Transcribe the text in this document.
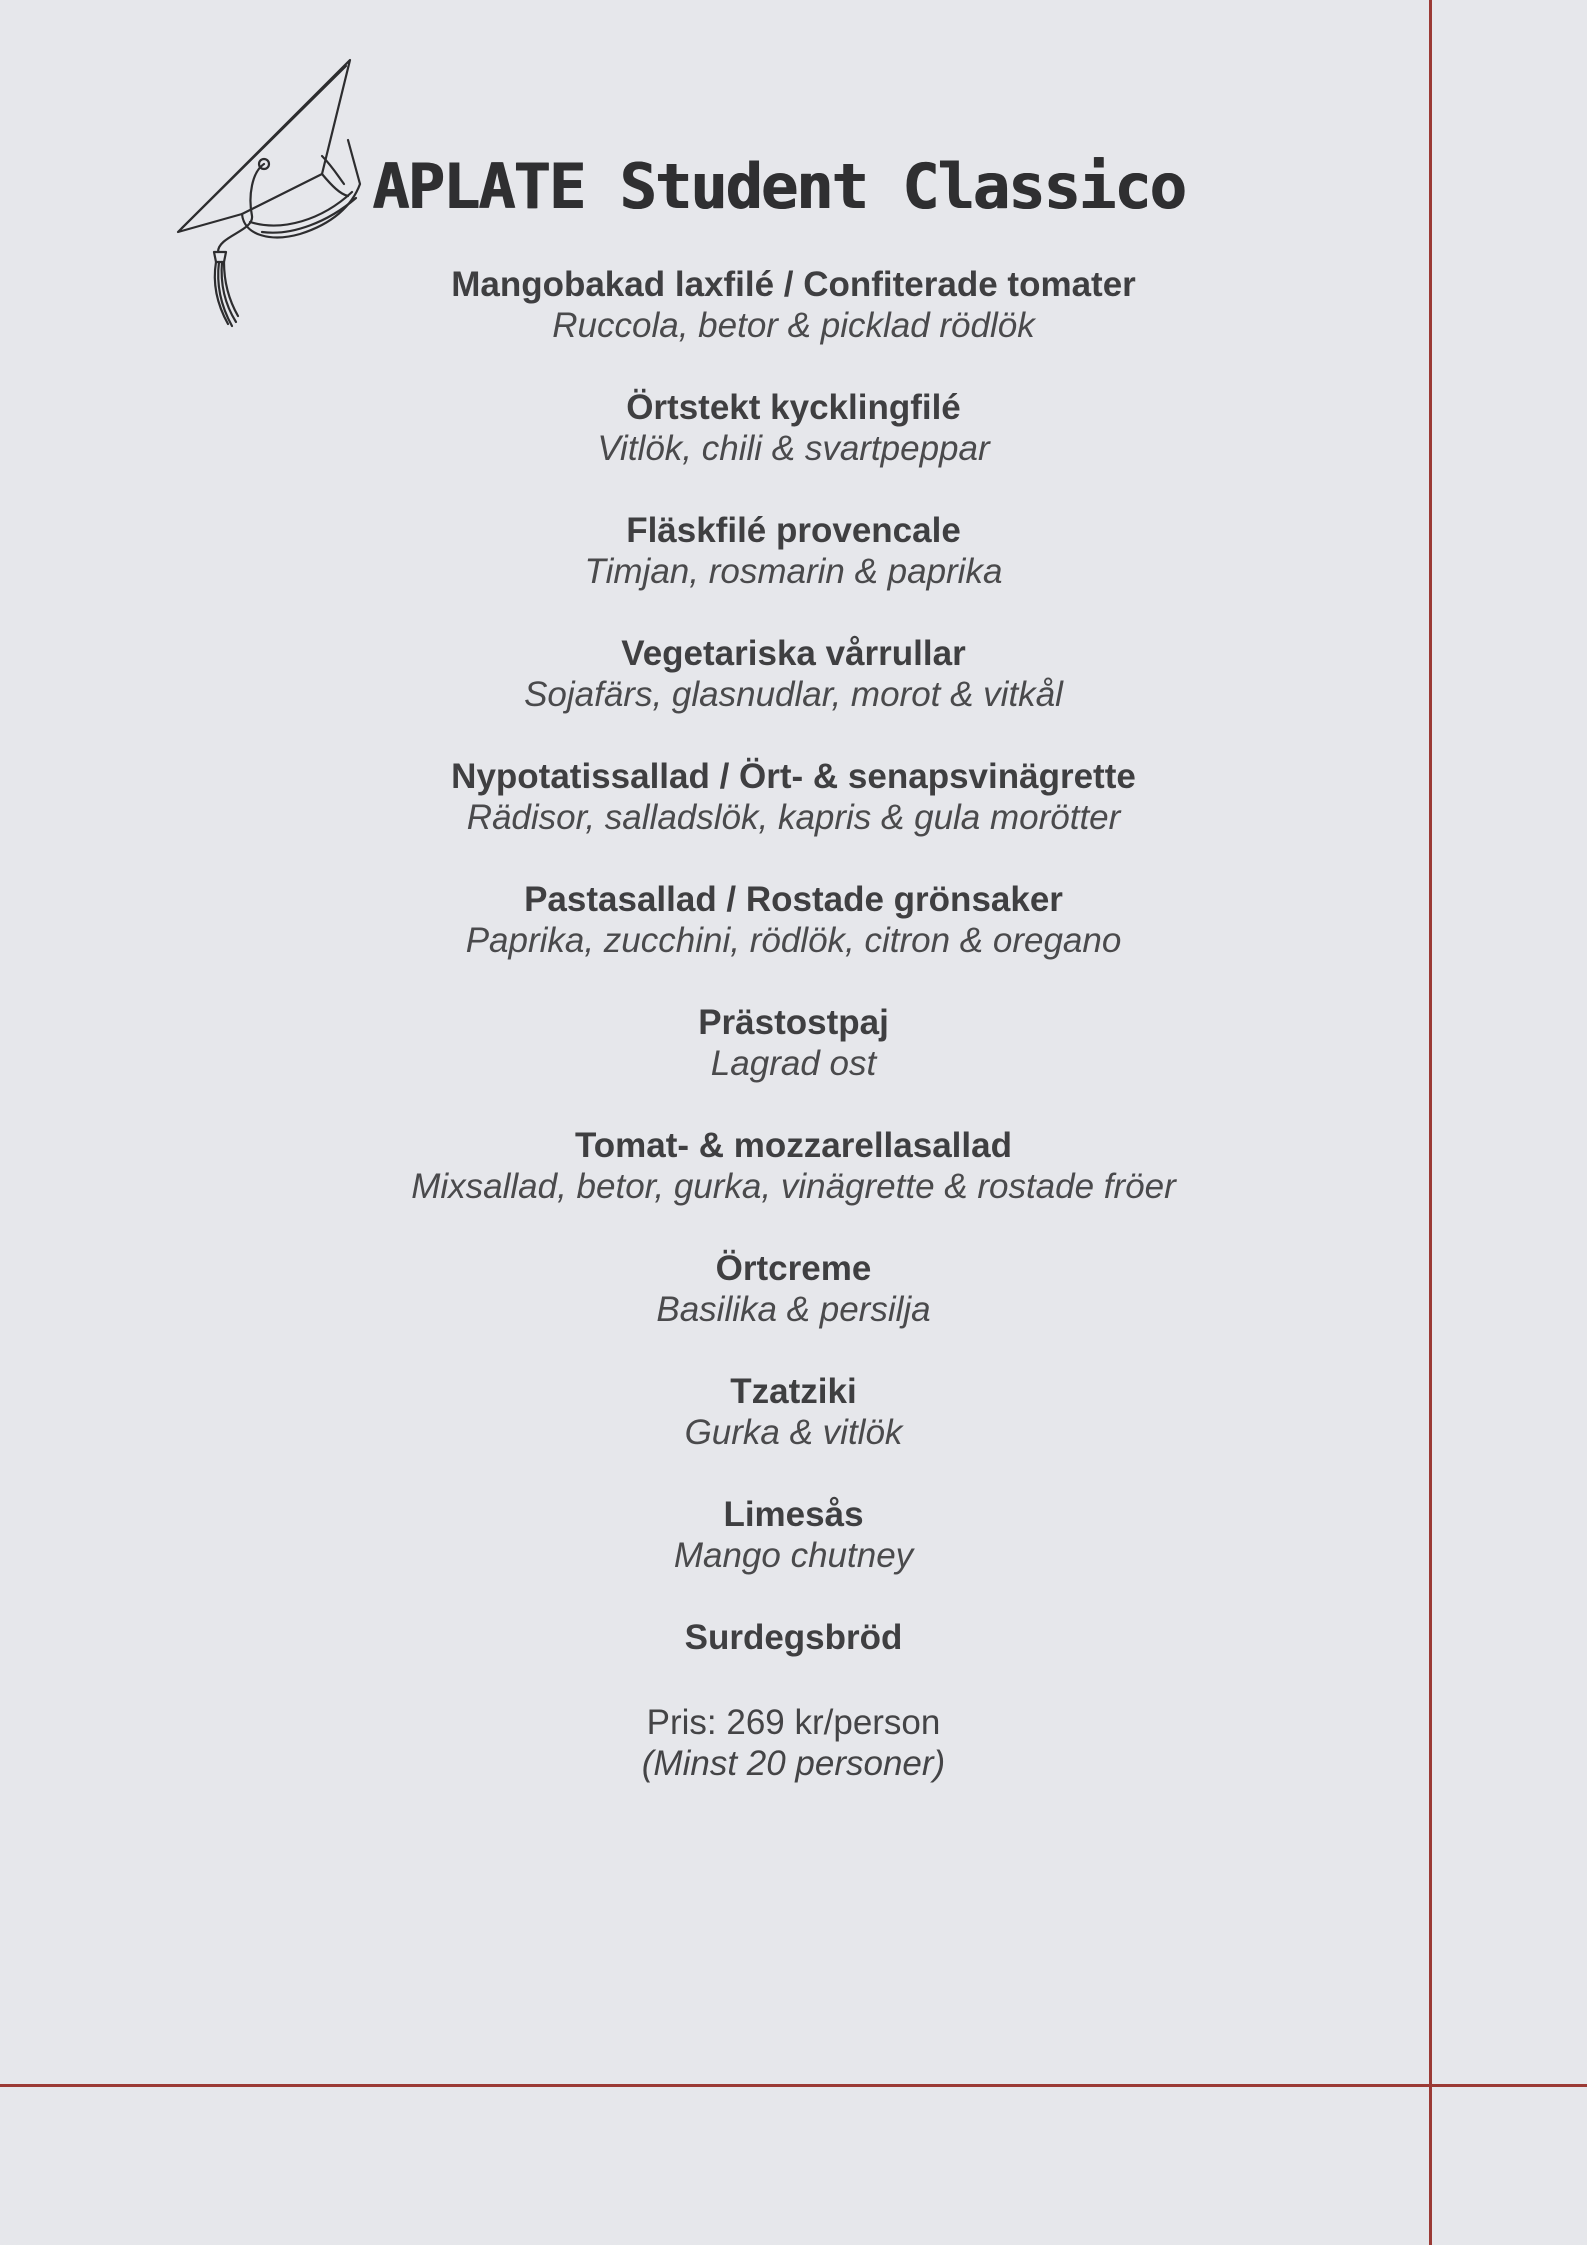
APLATE Student Classico
Mangobakad laxfilé / Confiterade tomater
Ruccola, betor & picklad rödlök
Örtstekt kycklingfilé
Vitlök, chili & svartpeppar
Fläskfilé provencale
Timjan, rosmarin & paprika
Vegetariska vårrullar
Sojafärs, glasnudlar, morot & vitkål
Nypotatissallad / Ört- & senapsvinägrette
Rädisor, salladslök, kapris & gula morötter
Pastasallad / Rostade grönsaker
Paprika, zucchini, rödlök, citron & oregano
Prästostpaj
Lagrad ost
Tomat- & mozzarellasallad
Mixsallad, betor, gurka, vinägrette & rostade fröer
Örtcreme
Basilika & persilja
Tzatziki
Gurka & vitlök
Limesås
Mango chutney
Surdegsbröd
Pris: 269 kr/person
(Minst 20 personer)
